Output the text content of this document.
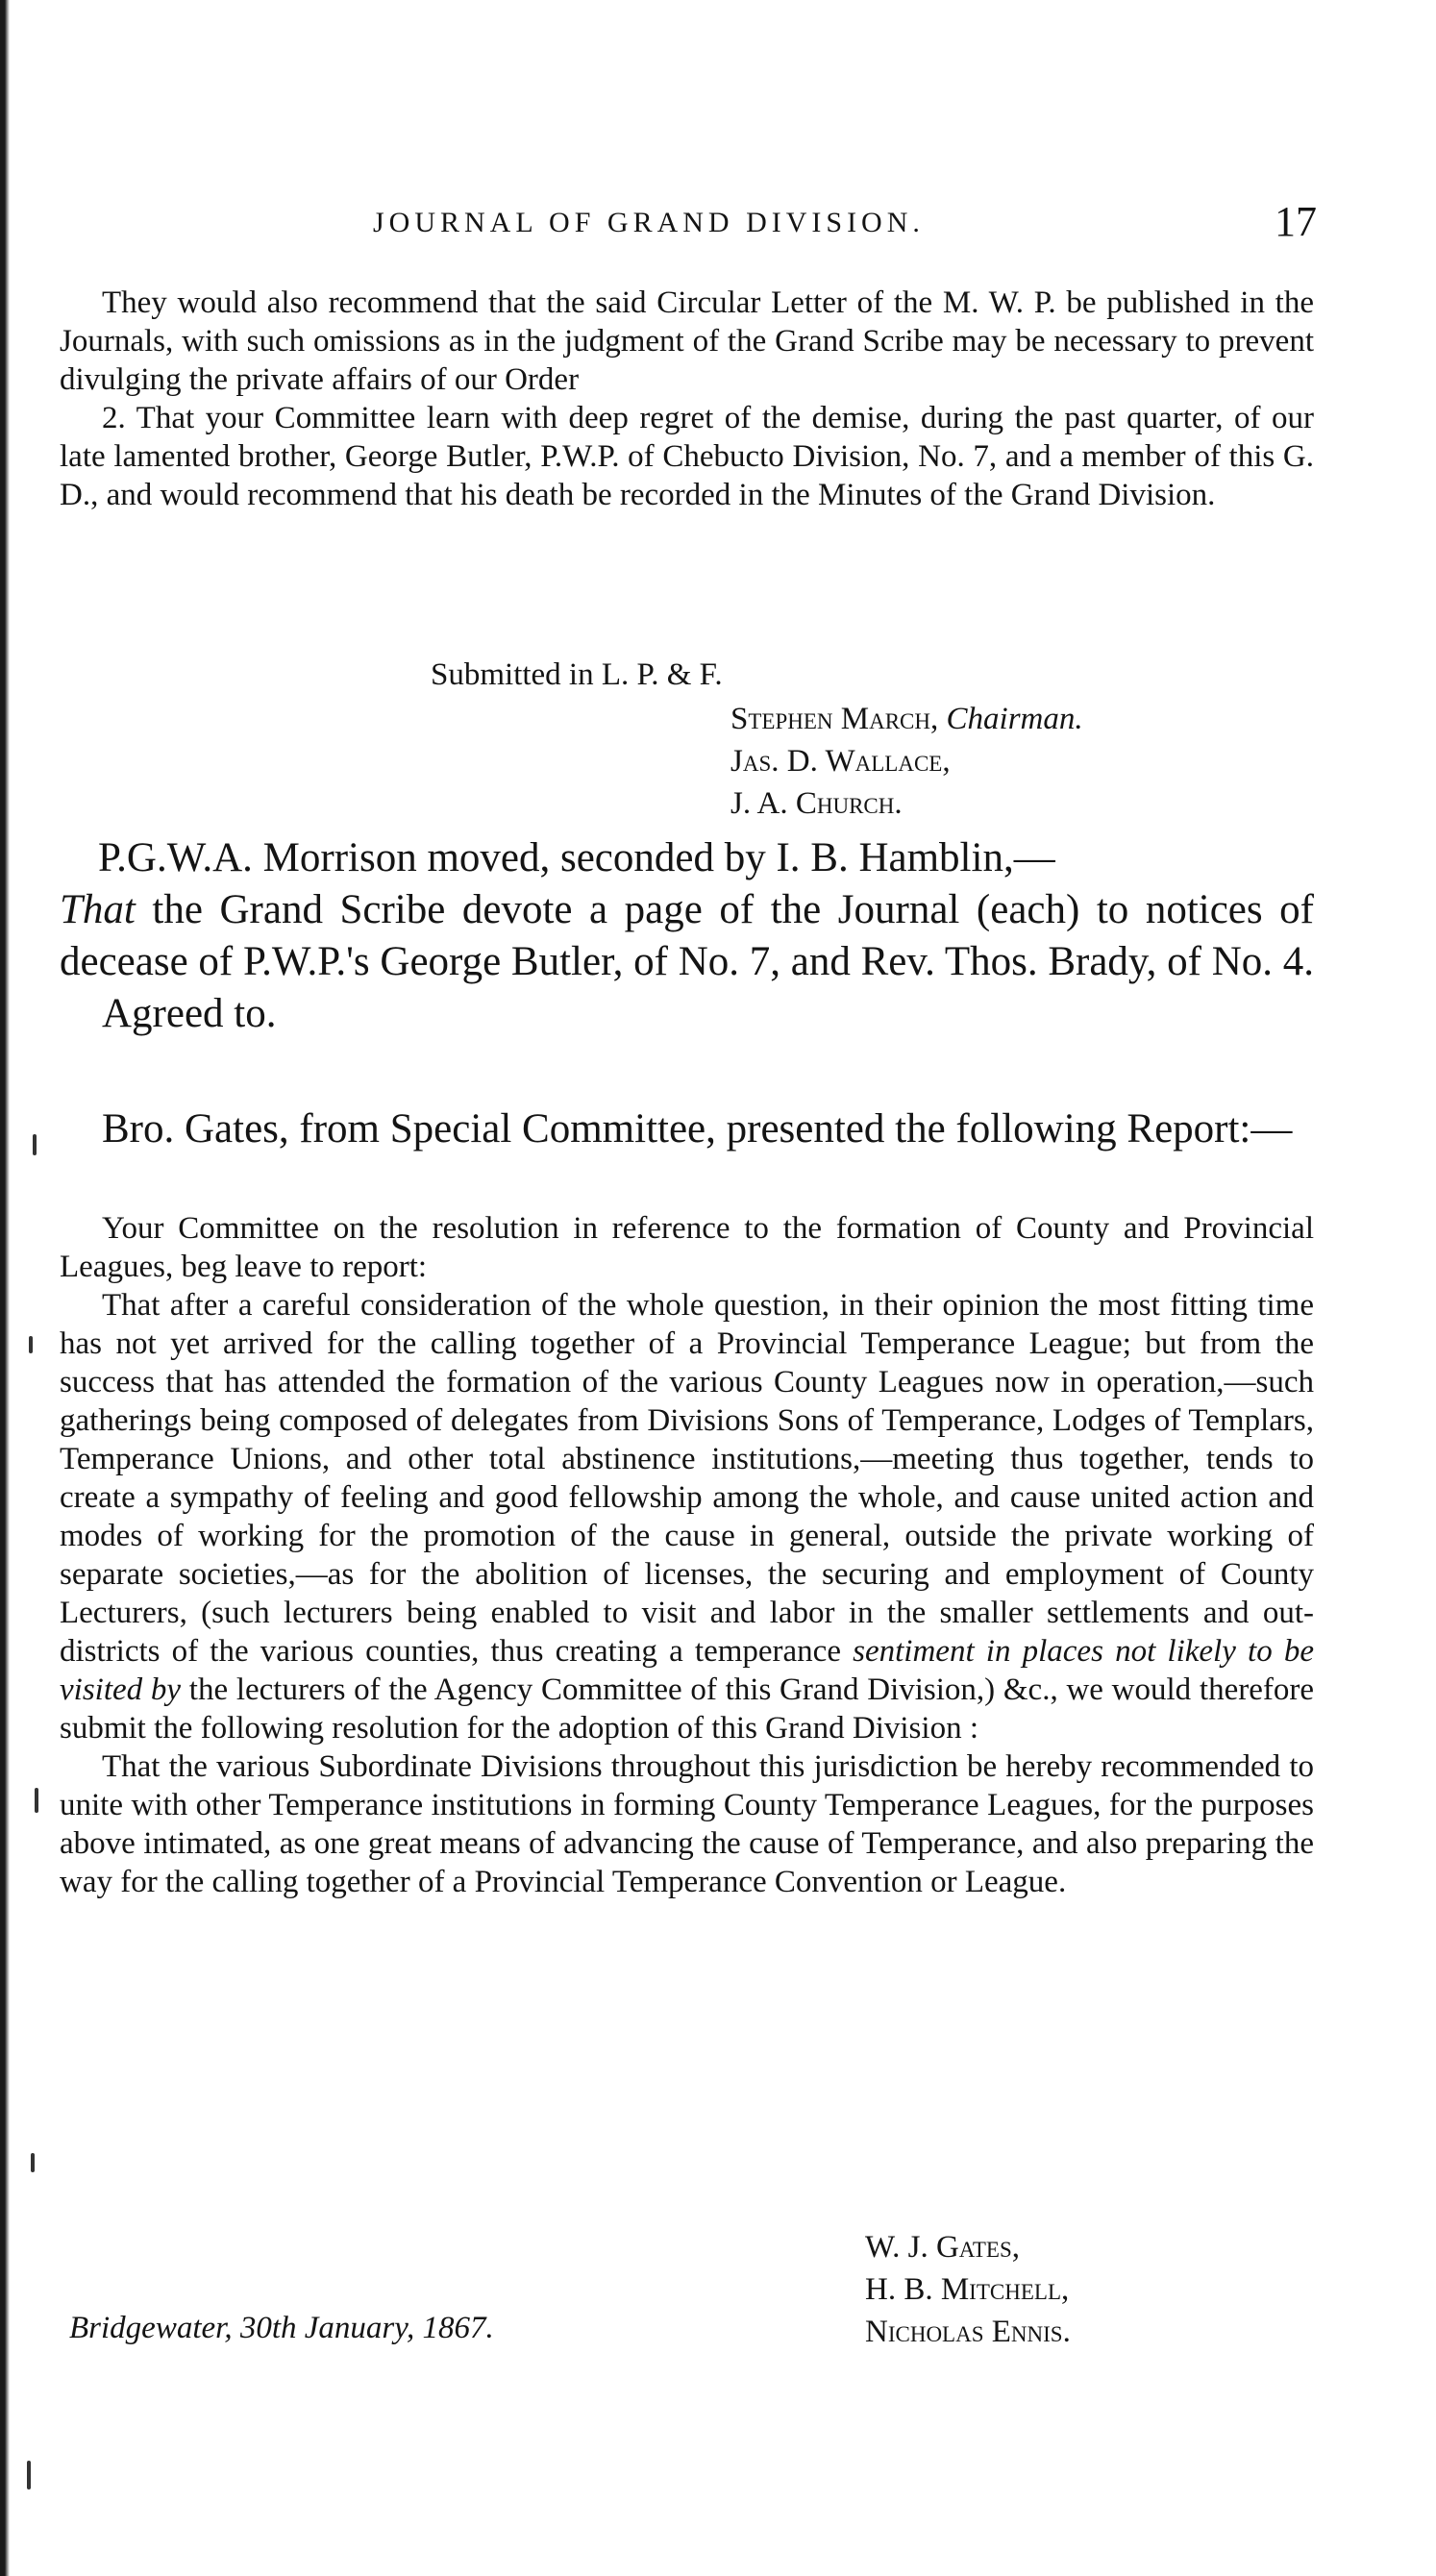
JOURNAL OF GRAND DIVISION.	17

They would also recommend that the said Circular Letter of the M. W. P. be published in the Journals, with such omissions as in the judgment of the Grand Scribe may be necessary to prevent divulging the private affairs of our Order

2. That your Committee learn with deep regret of the demise, during the past quarter, of our late lamented brother, George Butler, P.W.P. of Chebucto Division, No. 7, and a member of this G. D., and would recommend that his death be recorded in the Minutes of the Grand Division.

Submitted in L. P. & F.
Stephen March, Chairman.
Jas. D. Wallace,
J. A. Church.

P.G.W.A. Morrison moved, seconded by I. B. Hamblin,—

That the Grand Scribe devote a page of the Journal (each) to notices of decease of P.W.P.'s George Butler, of No. 7, and Rev. Thos. Brady, of No. 4.

Agreed to.

Bro. Gates, from Special Committee, presented the following Report:—

Your Committee on the resolution in reference to the formation of County and Provincial Leagues, beg leave to report:

That after a careful consideration of the whole question, in their opinion the most fitting time has not yet arrived for the calling together of a Provincial Temperance League; but from the success that has attended the formation of the various County Leagues now in operation,—such gatherings being composed of delegates from Divisions Sons of Temperance, Lodges of Templars, Temperance Unions, and other total abstinence institutions,—meeting thus together, tends to create a sympathy of feeling and good fellowship among the whole, and cause united action and modes of working for the promotion of the cause in general, outside the private working of separate societies,—as for the abolition of licenses, the securing and employment of County Lecturers, (such lecturers being enabled to visit and labor in the smaller settlements and out-districts of the various counties, thus creating a temperance sentiment in places not likely to be visited by the lecturers of the Agency Committee of this Grand Division,) &c., we would therefore submit the following resolution for the adoption of this Grand Division :

That the various Subordinate Divisions throughout this jurisdiction be hereby recommended to unite with other Temperance institutions in forming County Temperance Leagues, for the purposes above intimated, as one great means of advancing the cause of Temperance, and also preparing the way for the calling together of a Provincial Temperance Convention or League.

Bridgewater, 30th January, 1867.
W. J. Gates,
H. B. Mitchell,
Nicholas Ennis.
